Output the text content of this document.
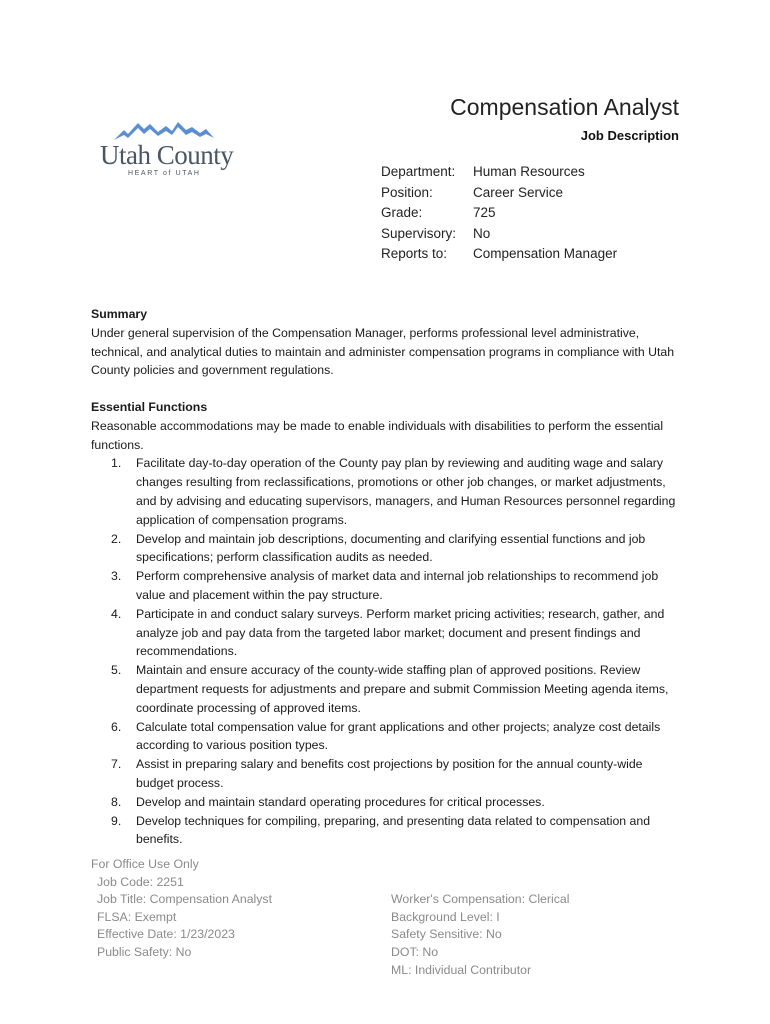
Utah County
HEART of UTAH
Compensation Analyst
Job Description
Department:	Human Resources
Position:	Career Service
Grade:	725
Supervisory:	No
Reports to:	Compensation Manager
Summary
Under general supervision of the Compensation Manager, performs professional level administrative, technical, and analytical duties to maintain and administer compensation programs in compliance with Utah County policies and government regulations.
Essential Functions
Reasonable accommodations may be made to enable individuals with disabilities to perform the essential functions.
1. Facilitate day-to-day operation of the County pay plan by reviewing and auditing wage and salary changes resulting from reclassifications, promotions or other job changes, or market adjustments, and by advising and educating supervisors, managers, and Human Resources personnel regarding application of compensation programs.
2. Develop and maintain job descriptions, documenting and clarifying essential functions and job specifications; perform classification audits as needed.
3. Perform comprehensive analysis of market data and internal job relationships to recommend job value and placement within the pay structure.
4. Participate in and conduct salary surveys. Perform market pricing activities; research, gather, and analyze job and pay data from the targeted labor market; document and present findings and recommendations.
5. Maintain and ensure accuracy of the county-wide staffing plan of approved positions. Review department requests for adjustments and prepare and submit Commission Meeting agenda items, coordinate processing of approved items.
6. Calculate total compensation value for grant applications and other projects; analyze cost details according to various position types.
7. Assist in preparing salary and benefits cost projections by position for the annual county-wide budget process.
8. Develop and maintain standard operating procedures for critical processes.
9. Develop techniques for compiling, preparing, and presenting data related to compensation and benefits.
For Office Use Only
Job Code: 2251
Job Title: Compensation Analyst
FLSA: Exempt
Effective Date: 1/23/2023
Public Safety: No
Worker's Compensation: Clerical
Background Level: I
Safety Sensitive: No
DOT: No
ML: Individual Contributor
